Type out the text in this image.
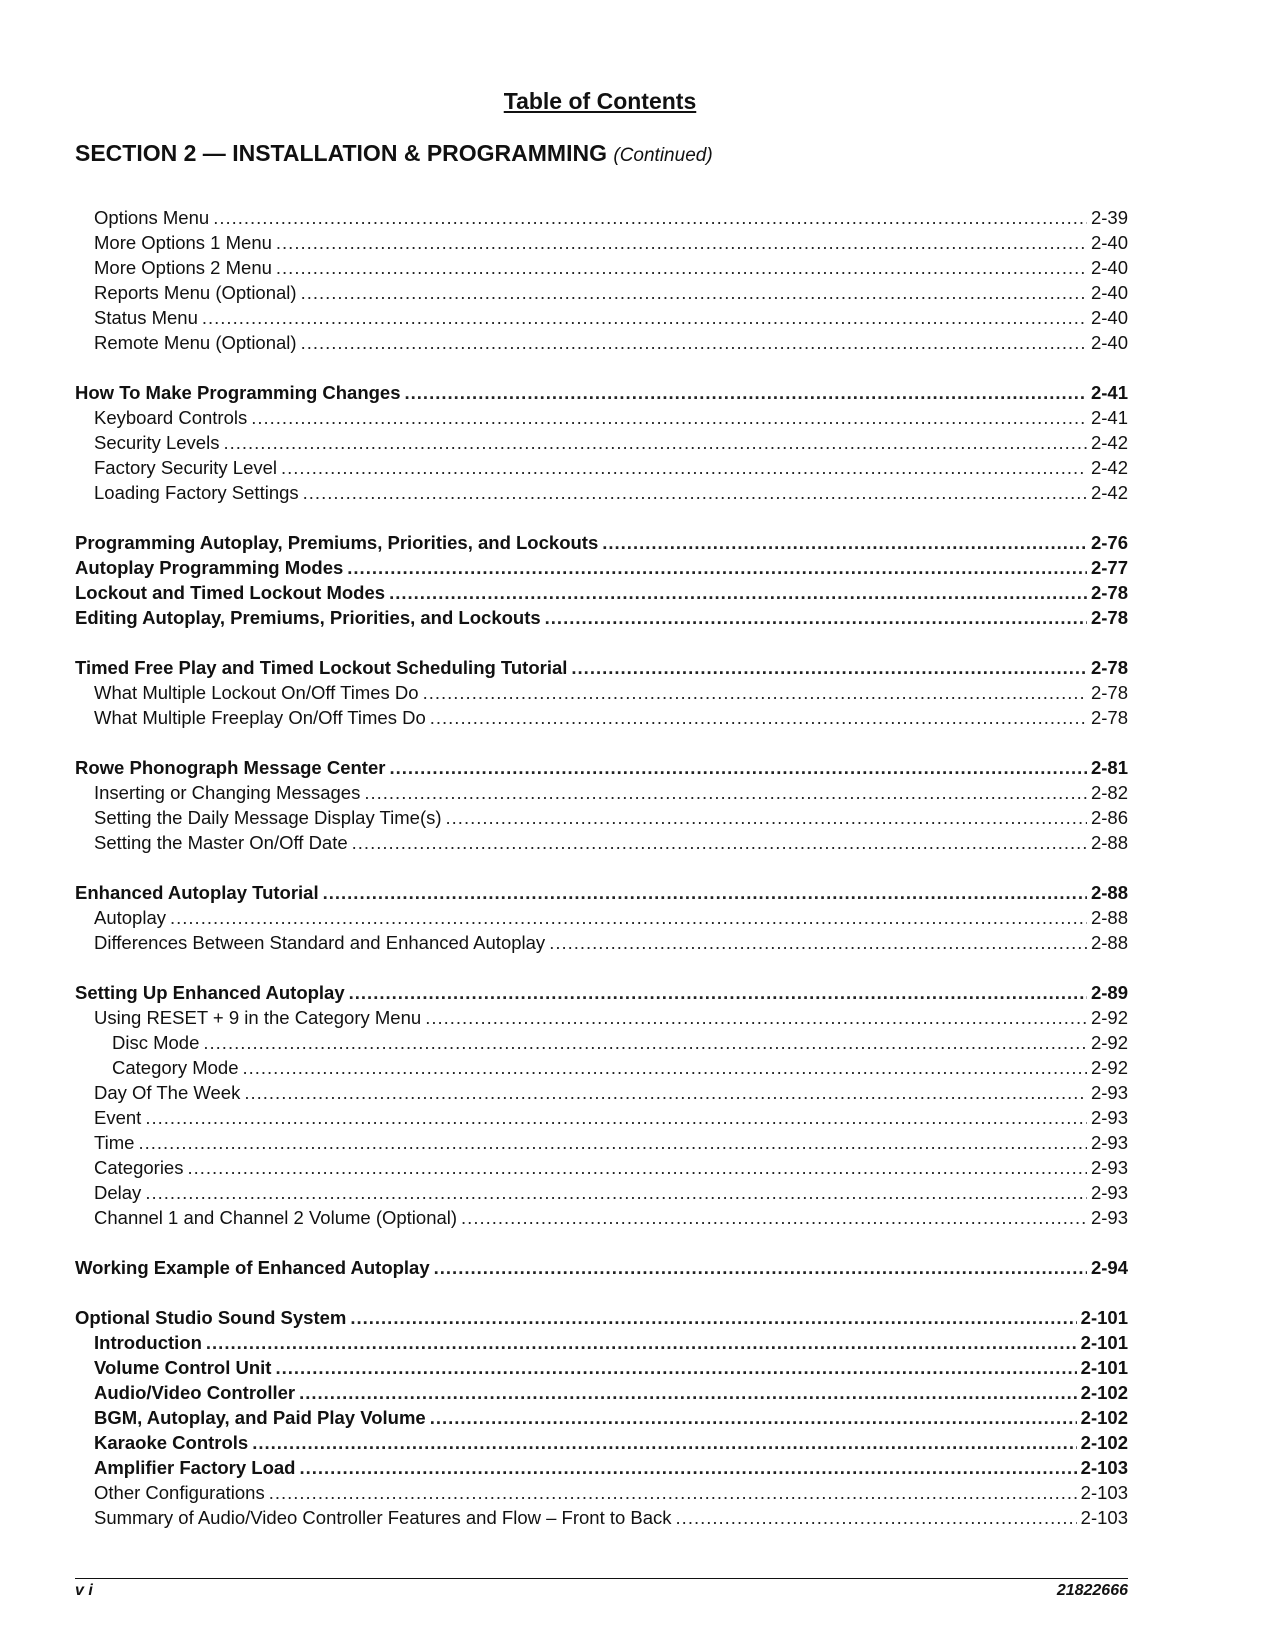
Table of Contents
SECTION 2 — INSTALLATION & PROGRAMMING (Continued)
Options Menu .....	2-39
More Options 1 Menu .....	2-40
More Options 2 Menu .....	2-40
Reports Menu (Optional) .....	2-40
Status Menu .....	2-40
Remote Menu (Optional) .....	2-40
How To Make Programming Changes .....	2-41
Keyboard Controls .....	2-41
Security Levels .....	2-42
Factory Security Level .....	2-42
Loading Factory Settings .....	2-42
Programming Autoplay, Premiums, Priorities, and Lockouts .....	2-76
Autoplay Programming Modes .....	2-77
Lockout and Timed Lockout Modes .....	2-78
Editing Autoplay, Premiums, Priorities, and Lockouts .....	2-78
Timed Free Play and Timed Lockout Scheduling Tutorial .....	2-78
What Multiple Lockout On/Off Times Do .....	2-78
What Multiple Freeplay On/Off Times Do .....	2-78
Rowe Phonograph Message Center .....	2-81
Inserting or Changing Messages .....	2-82
Setting the Daily Message Display Time(s) .....	2-86
Setting the Master On/Off Date .....	2-88
Enhanced Autoplay Tutorial .....	2-88
Autoplay .....	2-88
Differences Between Standard and Enhanced Autoplay .....	2-88
Setting Up Enhanced Autoplay .....	2-89
Using RESET + 9 in the Category Menu .....	2-92
Disc Mode .....	2-92
Category Mode .....	2-92
Day Of The Week .....	2-93
Event .....	2-93
Time .....	2-93
Categories .....	2-93
Delay .....	2-93
Channel 1 and Channel 2 Volume (Optional) .....	2-93
Working Example of Enhanced Autoplay .....	2-94
Optional Studio Sound System .....	2-101
Introduction .....	2-101
Volume Control Unit .....	2-101
Audio/Video Controller .....	2-102
BGM, Autoplay, and Paid Play Volume .....	2-102
Karaoke Controls .....	2-102
Amplifier Factory Load .....	2-103
Other Configurations .....	2-103
Summary of Audio/Video Controller Features and Flow – Front to Back .....	2-103
v i	21822666
